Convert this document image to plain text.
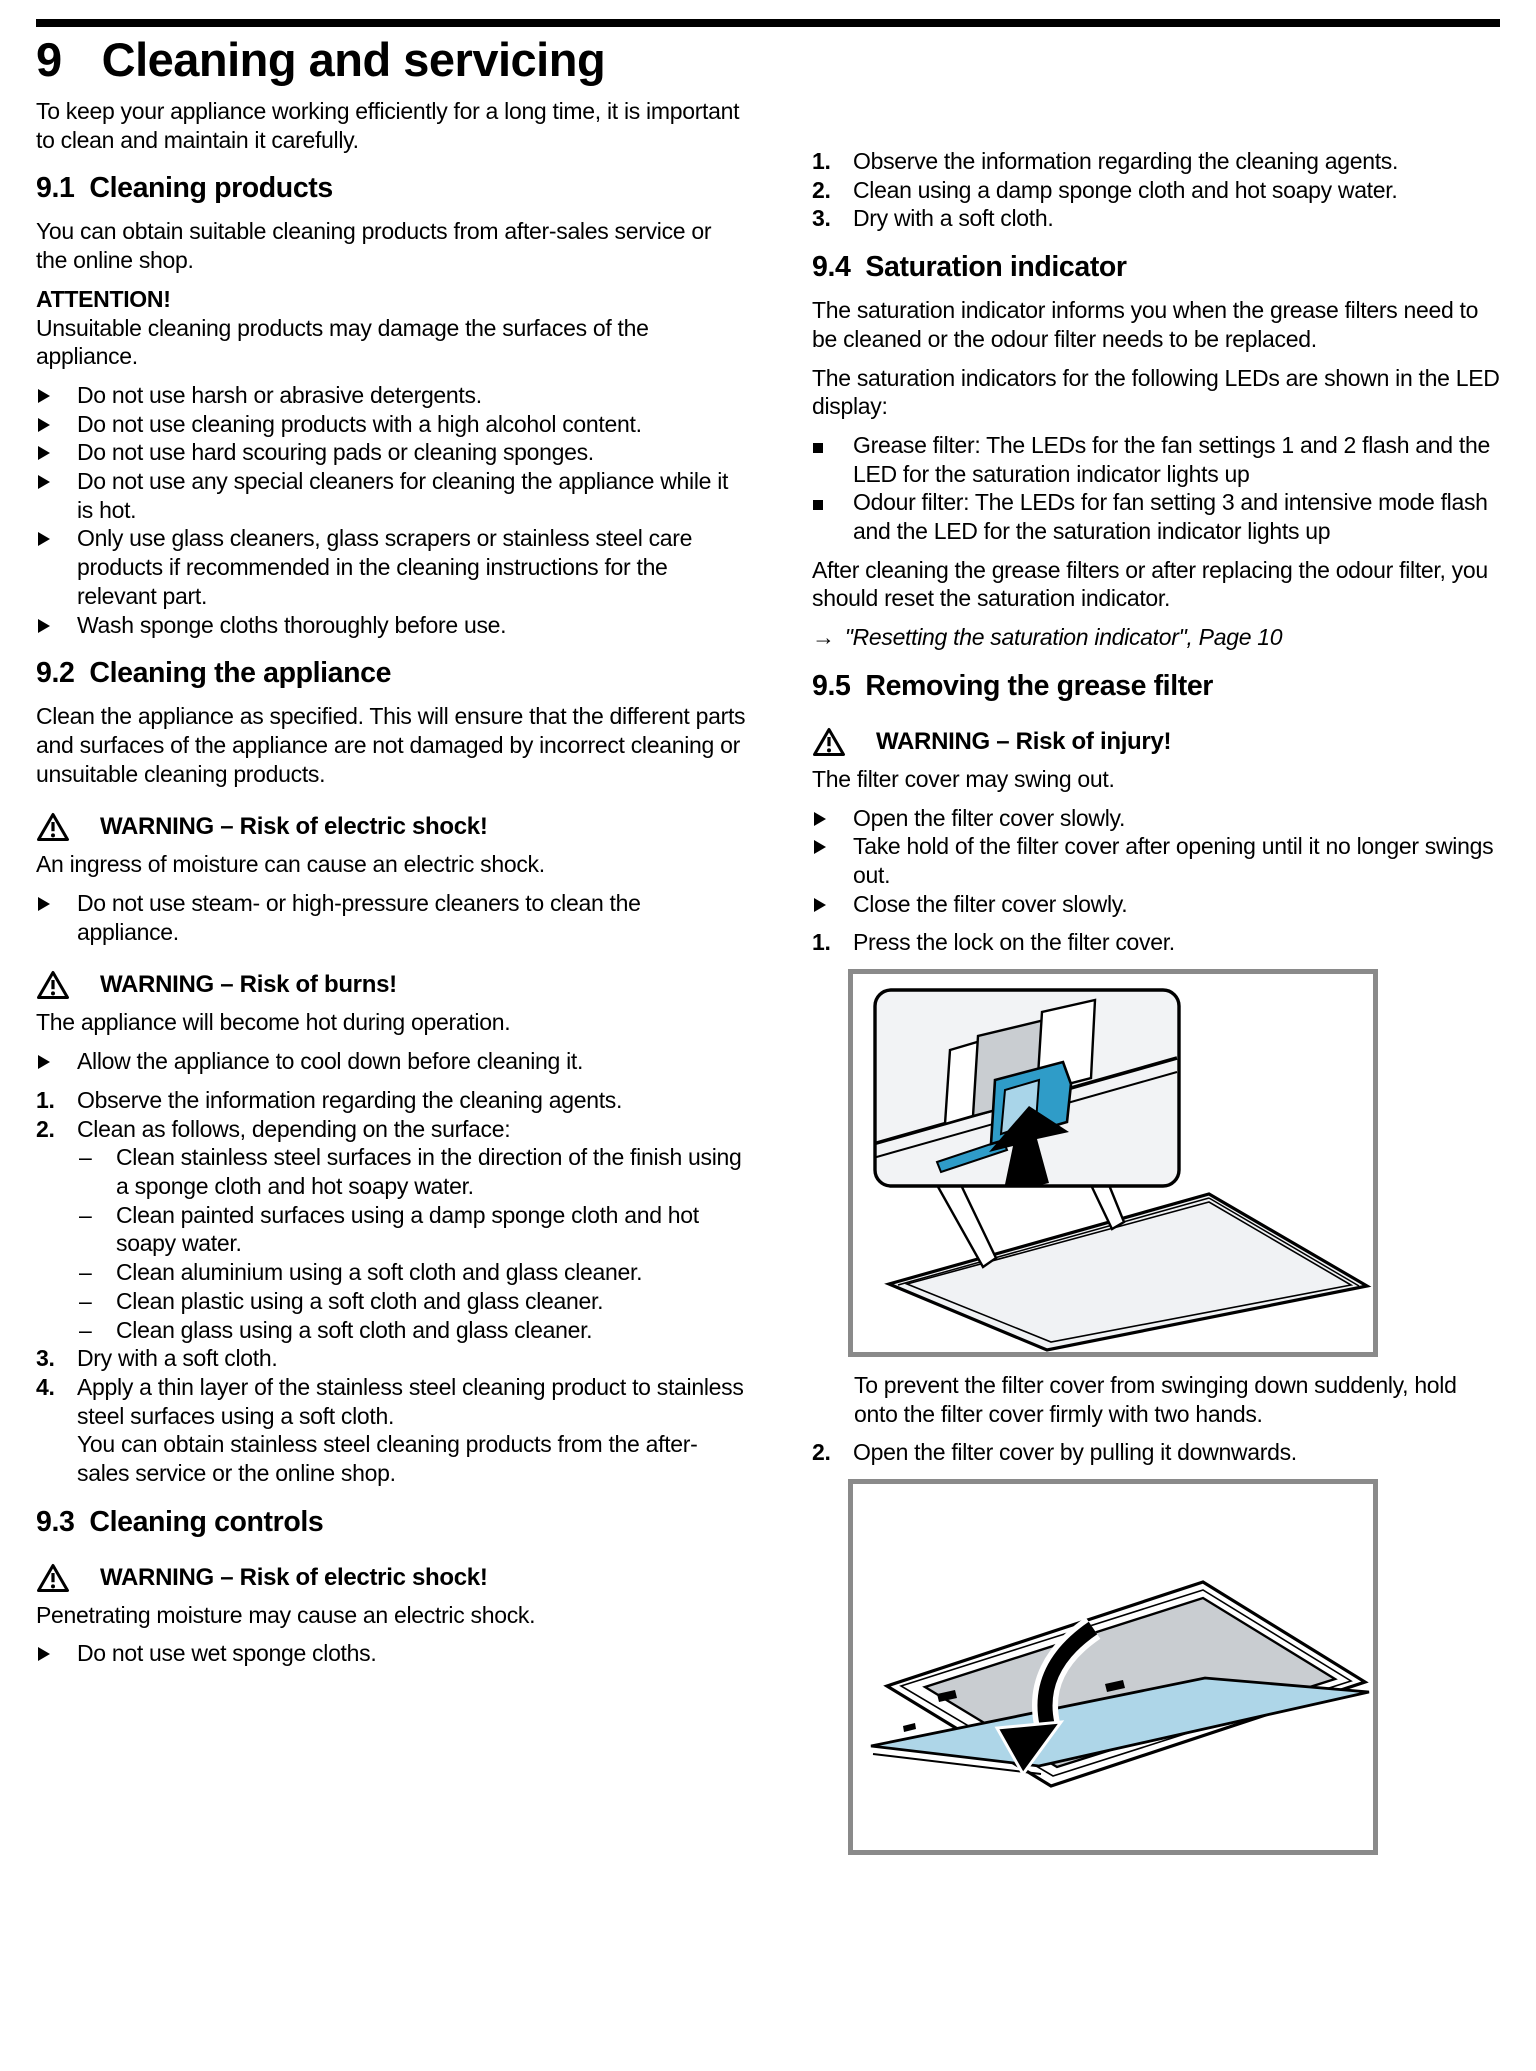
9 Cleaning and servicing
To keep your appliance working efficiently for a long time, it is important to clean and maintain it carefully.
9.1 Cleaning products
You can obtain suitable cleaning products from after-sales service or the online shop.
ATTENTION!
Unsuitable cleaning products may damage the surfaces of the appliance.
Do not use harsh or abrasive detergents.
Do not use cleaning products with a high alcohol content.
Do not use hard scouring pads or cleaning sponges.
Do not use any special cleaners for cleaning the appliance while it is hot.
Only use glass cleaners, glass scrapers or stainless steel care products if recommended in the cleaning instructions for the relevant part.
Wash sponge cloths thoroughly before use.
9.2 Cleaning the appliance
Clean the appliance as specified. This will ensure that the different parts and surfaces of the appliance are not damaged by incorrect cleaning or unsuitable cleaning products.
WARNING – Risk of electric shock!
An ingress of moisture can cause an electric shock.
Do not use steam- or high-pressure cleaners to clean the appliance.
WARNING – Risk of burns!
The appliance will become hot during operation.
Allow the appliance to cool down before cleaning it.
1. Observe the information regarding the cleaning agents.
2. Clean as follows, depending on the surface:
–	Clean stainless steel surfaces in the direction of the finish using a sponge cloth and hot soapy water.
–	Clean painted surfaces using a damp sponge cloth and hot soapy water.
–	Clean aluminium using a soft cloth and glass cleaner.
–	Clean plastic using a soft cloth and glass cleaner.
–	Clean glass using a soft cloth and glass cleaner.
3. Dry with a soft cloth.
4. Apply a thin layer of the stainless steel cleaning product to stainless steel surfaces using a soft cloth.
You can obtain stainless steel cleaning products from the after-sales service or the online shop.
9.3 Cleaning controls
WARNING – Risk of electric shock!
Penetrating moisture may cause an electric shock.
Do not use wet sponge cloths.
1. Observe the information regarding the cleaning agents.
2. Clean using a damp sponge cloth and hot soapy water.
3. Dry with a soft cloth.
9.4 Saturation indicator
The saturation indicator informs you when the grease filters need to be cleaned or the odour filter needs to be replaced.
The saturation indicators for the following LEDs are shown in the LED display:
Grease filter: The LEDs for the fan settings 1 and 2 flash and the LED for the saturation indicator lights up
Odour filter: The LEDs for fan setting 3 and intensive mode flash and the LED for the saturation indicator lights up
After cleaning the grease filters or after replacing the odour filter, you should reset the saturation indicator.
→ "Resetting the saturation indicator", Page 10
9.5 Removing the grease filter
WARNING – Risk of injury!
The filter cover may swing out.
Open the filter cover slowly.
Take hold of the filter cover after opening until it no longer swings out.
Close the filter cover slowly.
1. Press the lock on the filter cover.
To prevent the filter cover from swinging down suddenly, hold onto the filter cover firmly with two hands.
2. Open the filter cover by pulling it downwards.
